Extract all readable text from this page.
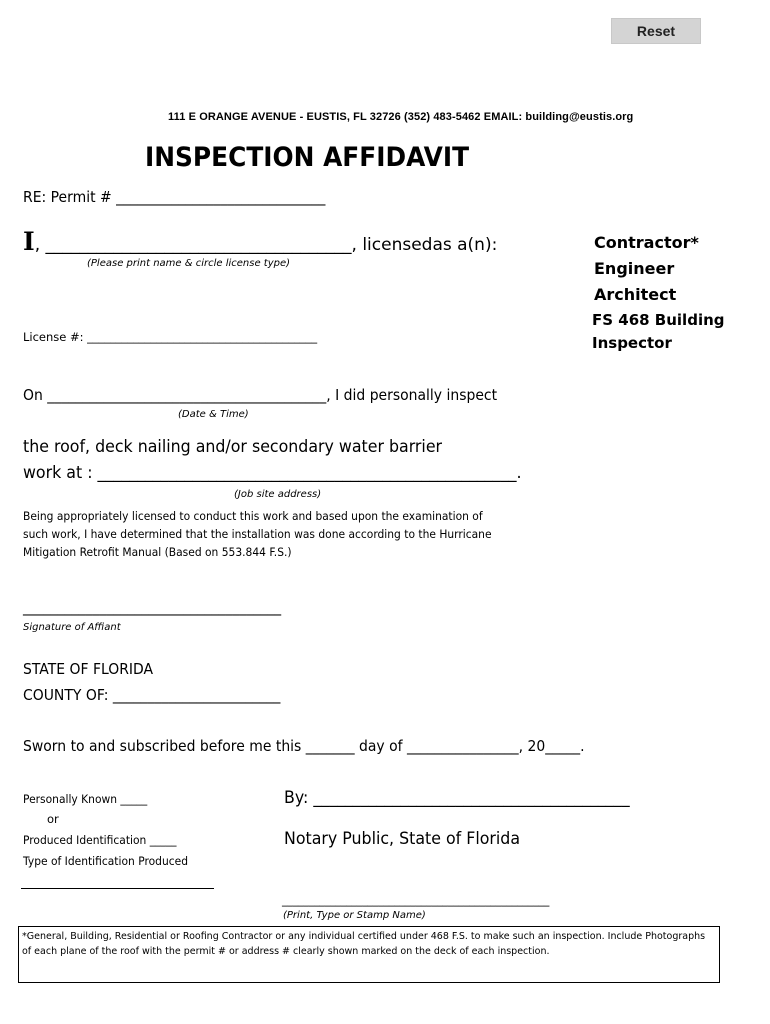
Reset
111 E ORANGE AVENUE - EUSTIS, FL 32726 (352) 483-5462 EMAIL: building@eustis.org
INSPECTION AFFIDAVIT
RE: Permit # ______________________________
I, ____________________________________, licensedas a(n):
(Please print name & circle license type)
Contractor*
Engineer
Architect
FS 468 Building
Inspector
License #: ________________________________________
On ________________________________________, I did personally inspect
(Date & Time)
the roof, deck nailing and/or secondary water barrier
work at : _____________________________________________________.
(Job site address)
Being appropriately licensed to conduct this work and based upon the examination of
such work, I have determined that the installation was done according to the Hurricane
Mitigation Retrofit Manual (Based on 553.844 F.S.)
_____________________________________
Signature of Affiant
STATE OF FLORIDA
COUNTY OF: ________________________
Sworn to and subscribed before me this _______ day of ________________, 20_____.
Personally Known _____
or
Produced Identification _____
Type of Identification Produced
By: ________________________________________
Notary Public, State of Florida
__________________________________________________
(Print, Type or Stamp Name)
*General, Building, Residential or Roofing Contractor or any individual certified under 468 F.S. to make such an inspection. Include Photographs of each plane of the roof with the permit # or address # clearly shown marked on the deck of each inspection.
